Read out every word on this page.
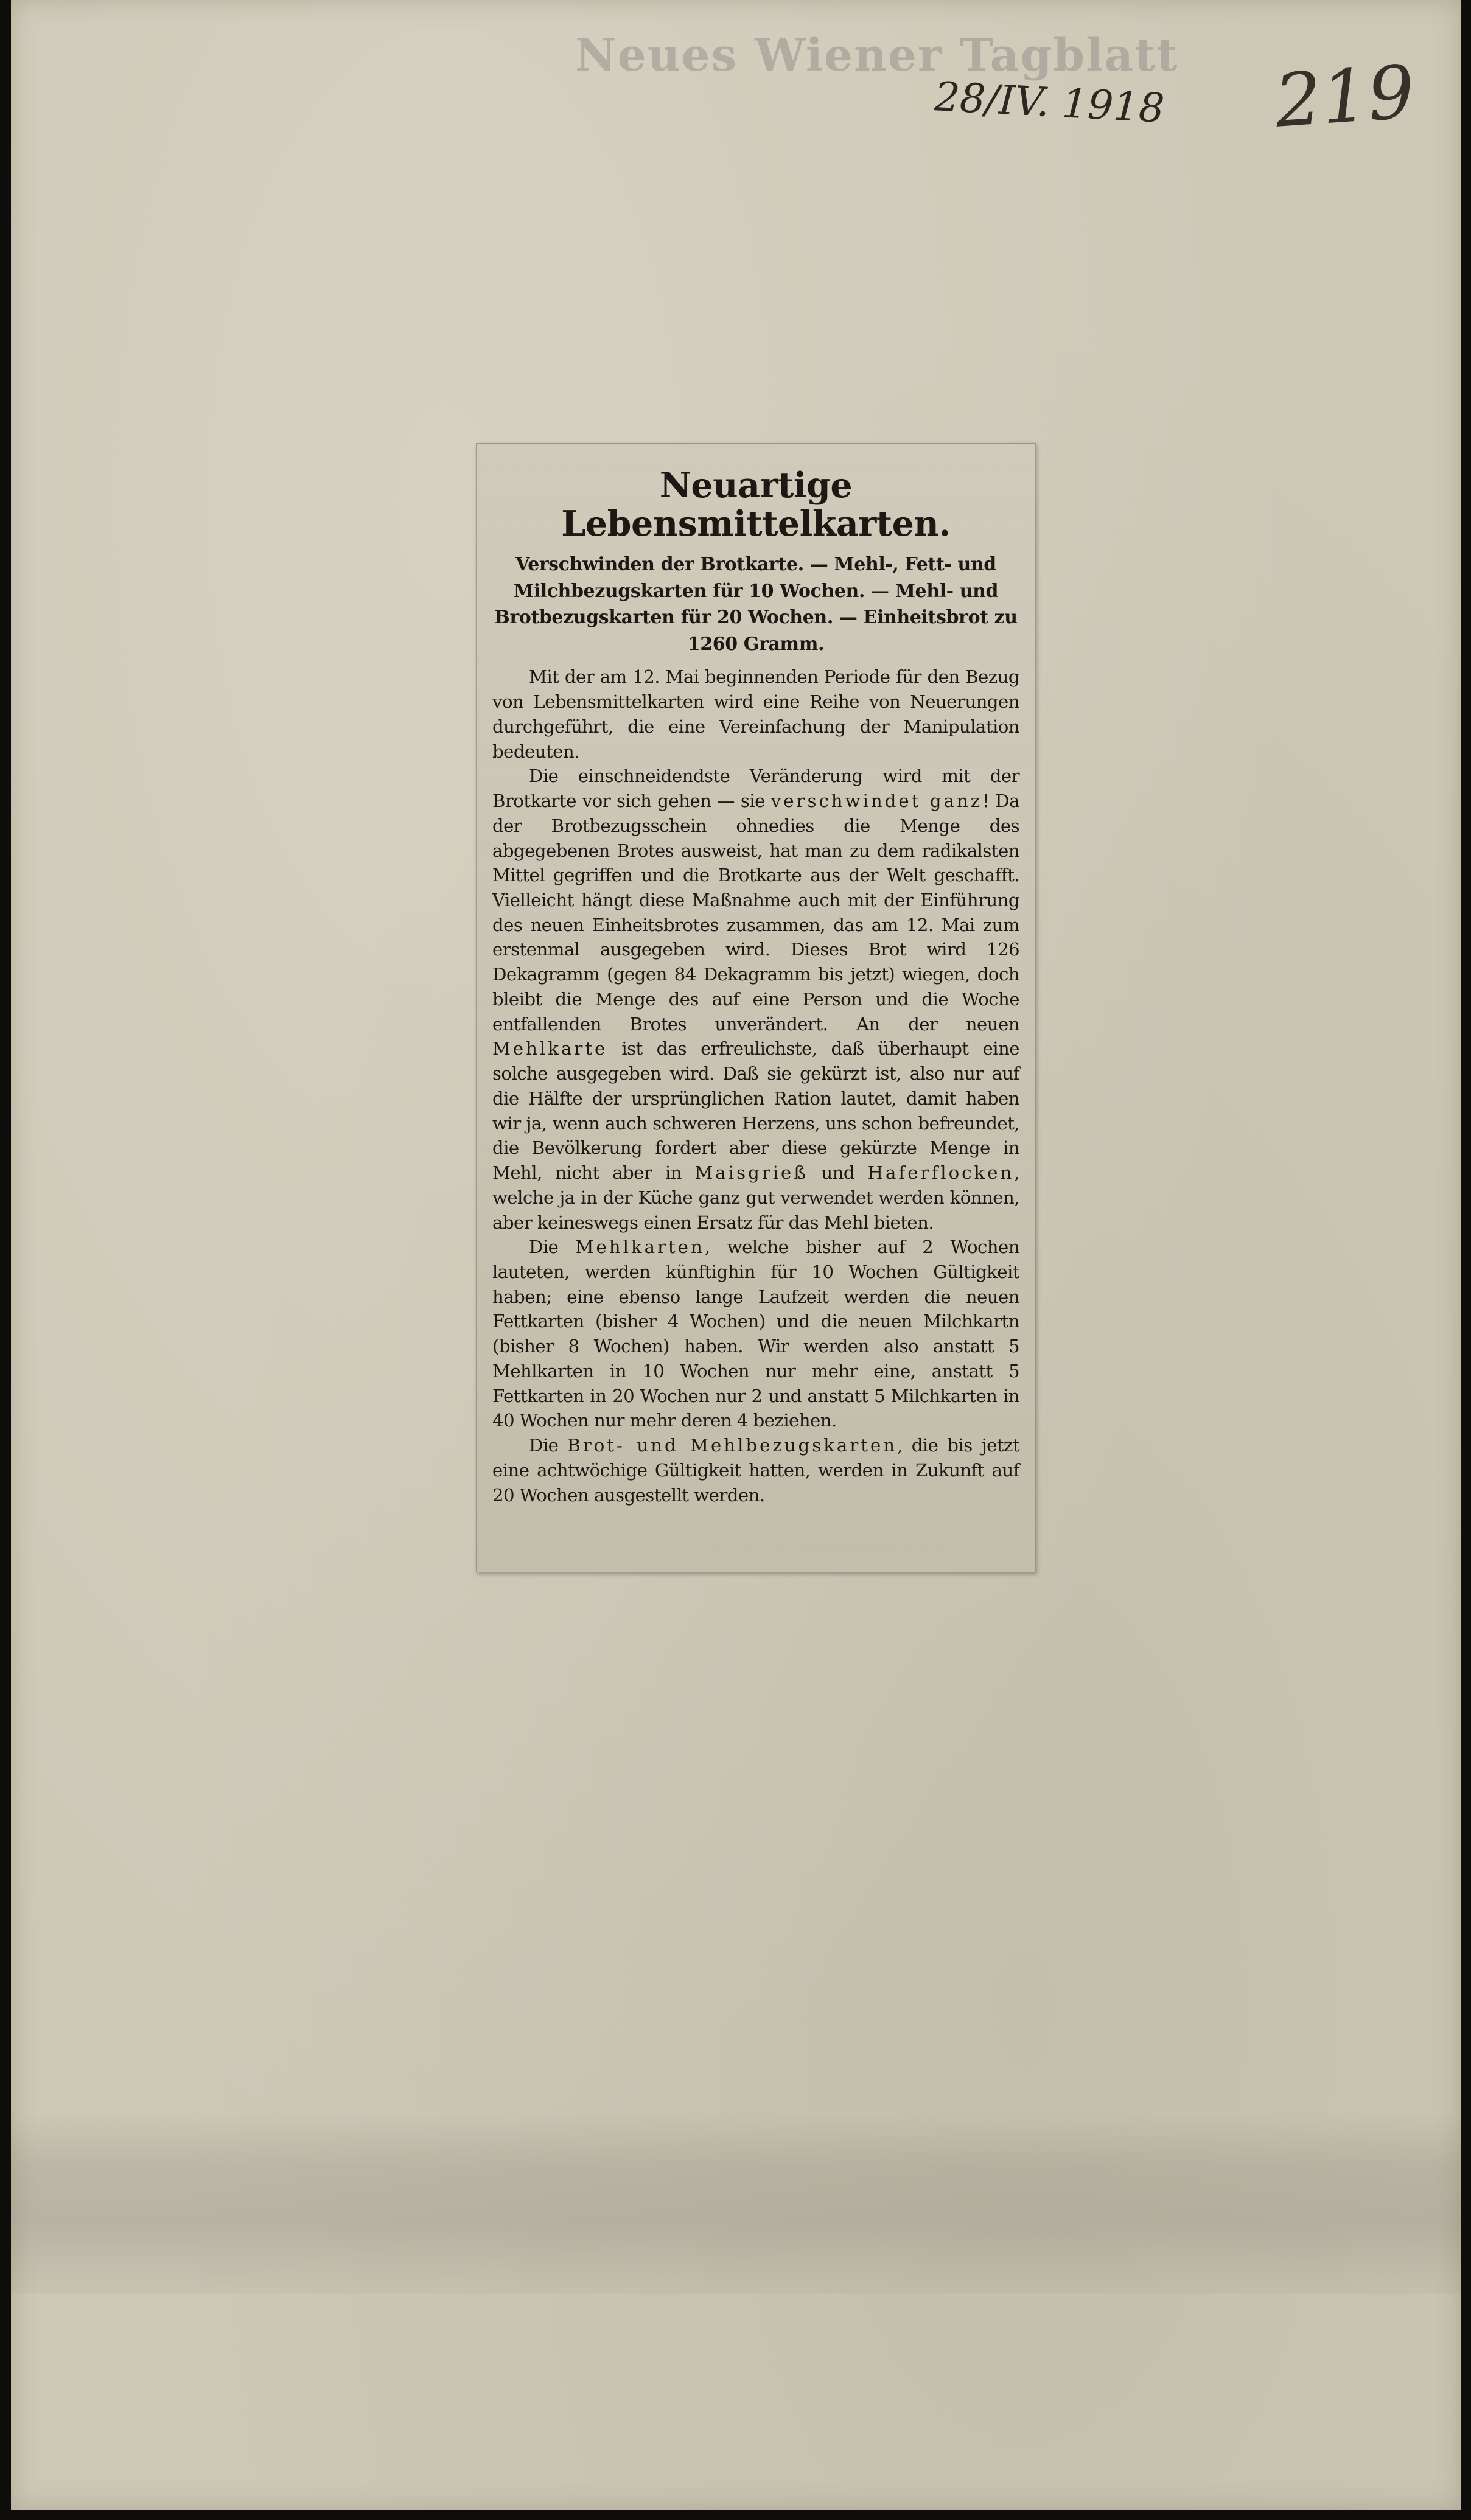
Neues Wiener Tagblatt
28/IV. 1918 219
Neuartige Lebensmittelkarten.
Verschwinden der Brotkarte. — Mehl-, Fett- und Milchbezugskarten für 10 Wochen. — Mehl- und Brotbezugskarten für 20 Wochen. — Einheitsbrot zu 1260 Gramm.

Mit der am 12. Mai beginnenden Periode für den Bezug von Lebensmittelkarten wird eine Reihe von Neuerungen durchgeführt, die eine Vereinfachung der Manipulation bedeuten.

Die einschneidendste Veränderung wird mit der Brotkarte vor sich gehen — sie verschwindet ganz! Da der Brotbezugsschein ohnedies die Menge des abgegebenen Brotes ausweist, hat man zu dem radikalsten Mittel gegriffen und die Brotkarte aus der Welt geschafft. Vielleicht hängt diese Maßnahme auch mit der Einführung des neuen Einheitsbrotes zusammen, das am 12. Mai zum erstenmal ausgegeben wird. Dieses Brot wird 126 Dekagramm (gegen 84 Dekagramm bis jetzt) wiegen, doch bleibt die Menge des auf eine Person und die Woche entfallenden Brotes unverändert. An der neuen Mehlkarte ist das erfreulichste, daß überhaupt eine solche ausgegeben wird. Daß sie gekürzt ist, also nur auf die Hälfte der ursprünglichen Ration lautet, damit haben wir ja, wenn auch schweren Herzens, uns schon befreundet, die Bevölkerung fordert aber diese gekürzte Menge in Mehl, nicht aber in Maisgrieß und Haferflocken, welche ja in der Küche ganz gut verwendet werden können, aber keineswegs einen Ersatz für das Mehl bieten.

Die Mehlkarten, welche bisher auf 2 Wochen lauteten, werden künftighin für 10 Wochen Gültigkeit haben; eine ebenso lange Laufzeit werden die neuen Fettkarten (bisher 4 Wochen) und die neuen Milchkartn (bisher 8 Wochen) haben. Wir werden also anstatt 5 Mehlkarten in 10 Wochen nur mehr eine, anstatt 5 Fettkarten in 20 Wochen nur 2 und anstatt 5 Milchkarten in 40 Wochen nur mehr deren 4 beziehen.

Die Brot- und Mehlbezugskarten, die bis jetzt eine achtwöchige Gültigkeit hatten, werden in Zukunft auf 20 Wochen ausgestellt werden.
